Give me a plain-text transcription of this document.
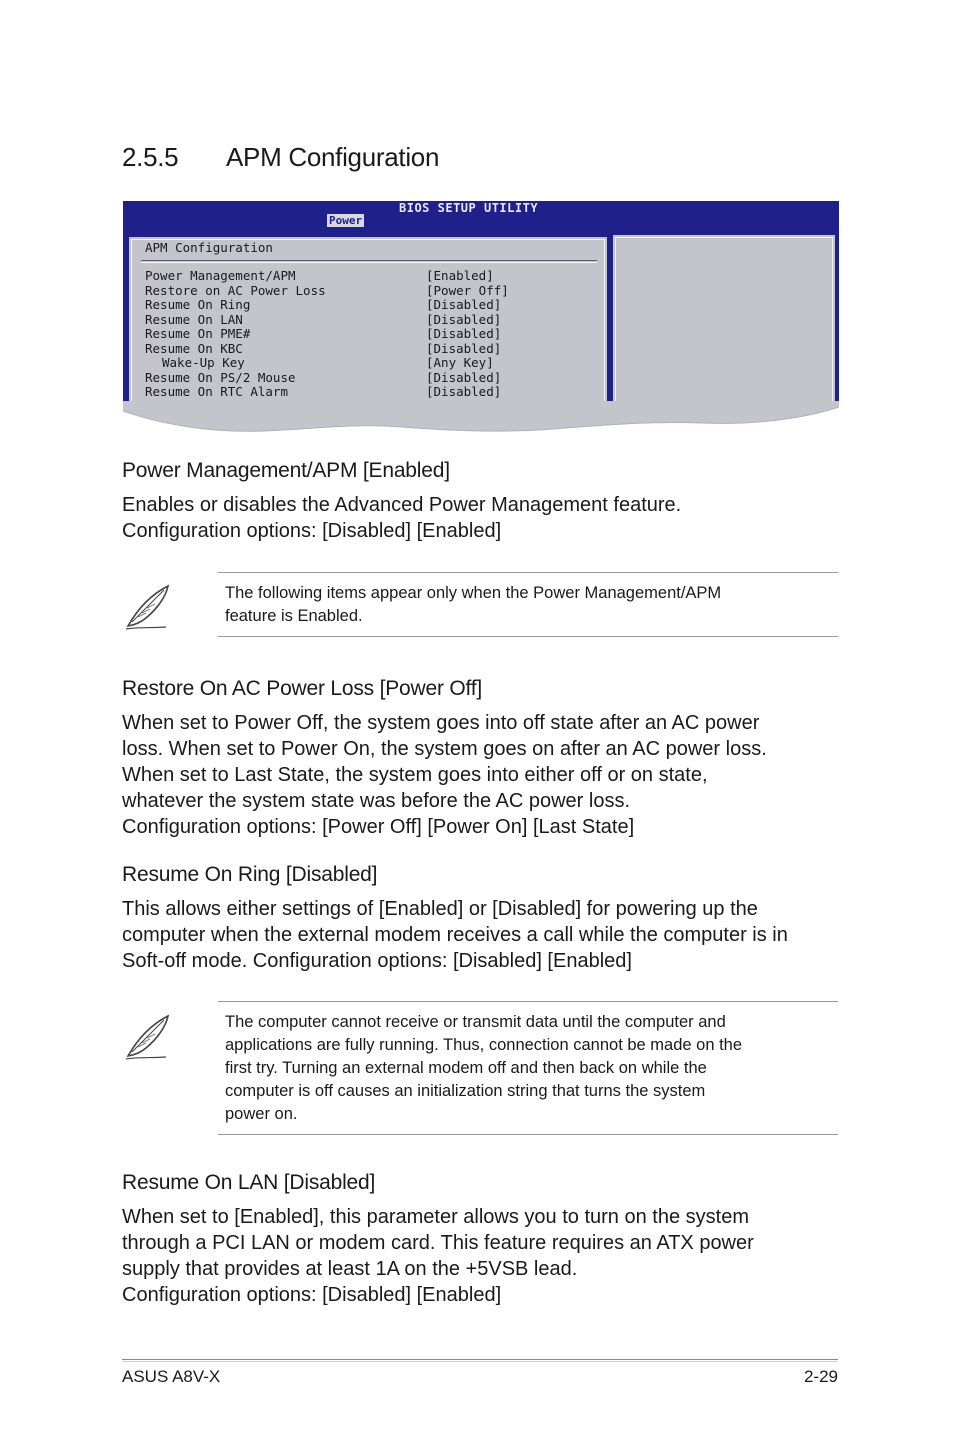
2.5.5 APM Configuration
BIOS SETUP UTILITY
Power
APM Configuration
Power Management/APM	[Enabled]
Restore on AC Power Loss	[Power Off]
Resume On Ring	[Disabled]
Resume On LAN	[Disabled]
Resume On PME#	[Disabled]
Resume On KBC	[Disabled]
Wake-Up Key	[Any Key]
Resume On PS/2 Mouse	[Disabled]
Resume On RTC Alarm	[Disabled]
Power Management/APM [Enabled]
Enables or disables the Advanced Power Management feature.
Configuration options: [Disabled] [Enabled]
The following items appear only when the Power Management/APM
feature is Enabled.
Restore On AC Power Loss [Power Off]
When set to Power Off, the system goes into off state after an AC power
loss. When set to Power On, the system goes on after an AC power loss.
When set to Last State, the system goes into either off or on state,
whatever the system state was before the AC power loss.
Configuration options: [Power Off] [Power On] [Last State]
Resume On Ring [Disabled]
This allows either settings of [Enabled] or [Disabled] for powering up the
computer when the external modem receives a call while the computer is in
Soft-off mode. Configuration options: [Disabled] [Enabled]
The computer cannot receive or transmit data until the computer and
applications are fully running. Thus, connection cannot be made on the
first try. Turning an external modem off and then back on while the
computer is off causes an initialization string that turns the system
power on.
Resume On LAN [Disabled]
When set to [Enabled], this parameter allows you to turn on the system
through a PCI LAN or modem card. This feature requires an ATX power
supply that provides at least 1A on the +5VSB lead.
Configuration options: [Disabled] [Enabled]
ASUS A8V-X	2-29
